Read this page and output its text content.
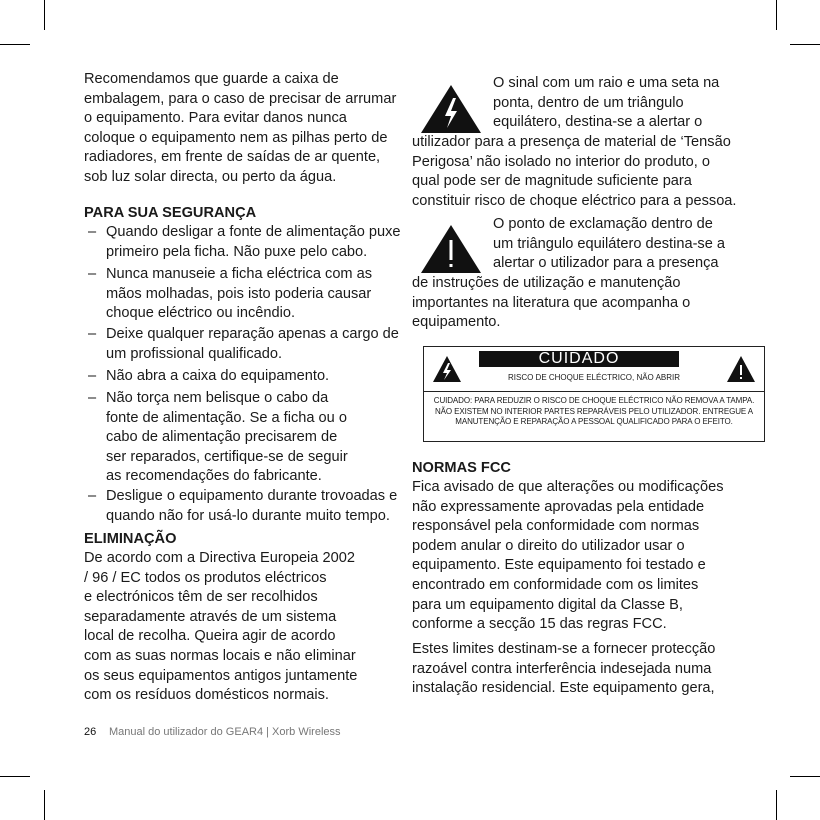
Recomendamos que guarde a caixa de
embalagem, para o caso de precisar de arrumar
o equipamento. Para evitar danos nunca
coloque o equipamento nem as pilhas perto de
radiadores, em frente de saídas de ar quente,
sob luz solar directa, ou perto da água.
PARA SUA SEGURANÇA
– Quando desligar a fonte de alimentação puxe
primeiro pela ficha. Não puxe pelo cabo.
– Nunca manuseie a ficha eléctrica com as
mãos molhadas, pois isto poderia causar
choque eléctrico ou incêndio.
– Deixe qualquer reparação apenas a cargo de
um profissional qualificado.
– Não abra a caixa do equipamento.
– Não torça nem belisque o cabo da
fonte de alimentação. Se a ficha ou o
cabo de alimentação precisarem de
ser reparados, certifique-se de seguir
as recomendações do fabricante.
– Desligue o equipamento durante trovoadas e
quando não for usá-lo durante muito tempo.
ELIMINAÇÃO
De acordo com a Directiva Europeia 2002
/ 96 / EC todos os produtos eléctricos
e electrónicos têm de ser recolhidos
separadamente através de um sistema
local de recolha. Queira agir de acordo
com as suas normas locais e não eliminar
os seus equipamentos antigos juntamente
com os resíduos domésticos normais.
O sinal com um raio e uma seta na
ponta, dentro de um triângulo
equilátero, destina-se a alertar o
utilizador para a presença de material de ‘Tensão
Perigosa’ não isolado no interior do produto, o
qual pode ser de magnitude suficiente para
constituir risco de choque eléctrico para a pessoa.
O ponto de exclamação dentro de
um triângulo equilátero destina-se a
alertar o utilizador para a presença
de instruções de utilização e manutenção
importantes na literatura que acompanha o
equipamento.
CUIDADO
RISCO DE CHOQUE ELÉCTRICO, NÃO ABRIR
CUIDADO: PARA REDUZIR O RISCO DE CHOQUE ELÉCTRICO NÃO REMOVA A TAMPA. NÃO EXISTEM NO INTERIOR PARTES REPARÁVEIS PELO UTILIZADOR. ENTREGUE A MANUTENÇÃO E REPARAÇÃO A PESSOAL QUALIFICADO PARA O EFEITO.
NORMAS FCC
Fica avisado de que alterações ou modificações
não expressamente aprovadas pela entidade
responsável pela conformidade com normas
podem anular o direito do utilizador usar o
equipamento. Este equipamento foi testado e
encontrado em conformidade com os limites
para um equipamento digital da Classe B,
conforme a secção 15 das regras FCC.
Estes limites destinam-se a fornecer protecção
razoável contra interferência indesejada numa
instalação residencial. Este equipamento gera,
26 Manual do utilizador do GEAR4 | Xorb Wireless
